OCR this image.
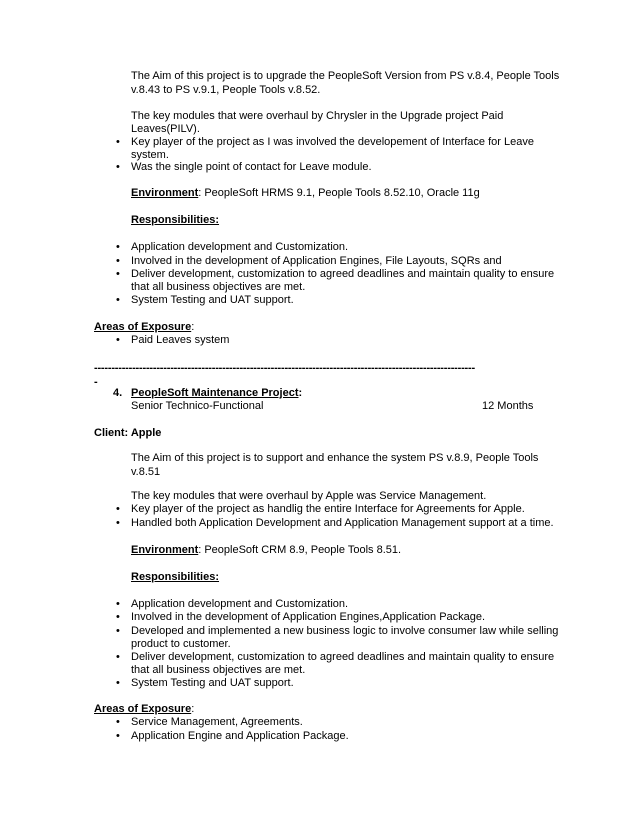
The Aim of this project is to upgrade the PeopleSoft Version from PS v.8.4, People Tools
v.8.43 to PS v.9.1, People Tools v.8.52.
The key modules that were overhaul by Chrysler in the Upgrade project Paid
Leaves(PILV).
• Key player of the project as I was involved the developement of Interface for Leave
system.
• Was the single point of contact for Leave module.
Environment: PeopleSoft HRMS 9.1, People Tools 8.52.10, Oracle 11g
Responsibilities:
• Application development and Customization.
• Involved in the development of Application Engines, File Layouts, SQRs and
• Deliver development, customization to agreed deadlines and maintain quality to ensure
that all business objectives are met.
• System Testing and UAT support.
Areas of Exposure:
• Paid Leaves system
--------------------------------------------------------------------------------------------------------------
-
4. PeopleSoft Maintenance Project:
Senior Technico-Functional	12 Months
Client: Apple
The Aim of this project is to support and enhance the system PS v.8.9, People Tools
v.8.51
The key modules that were overhaul by Apple was Service Management.
• Key player of the project as handlig the entire Interface for Agreements for Apple.
• Handled both Application Development and Application Management support at a time.
Environment: PeopleSoft CRM 8.9, People Tools 8.51.
Responsibilities:
• Application development and Customization.
• Involved in the development of Application Engines,Application Package.
• Developed and implemented a new business logic to involve consumer law while selling
product to customer.
• Deliver development, customization to agreed deadlines and maintain quality to ensure
that all business objectives are met.
• System Testing and UAT support.
Areas of Exposure:
• Service Management, Agreements.
• Application Engine and Application Package.
